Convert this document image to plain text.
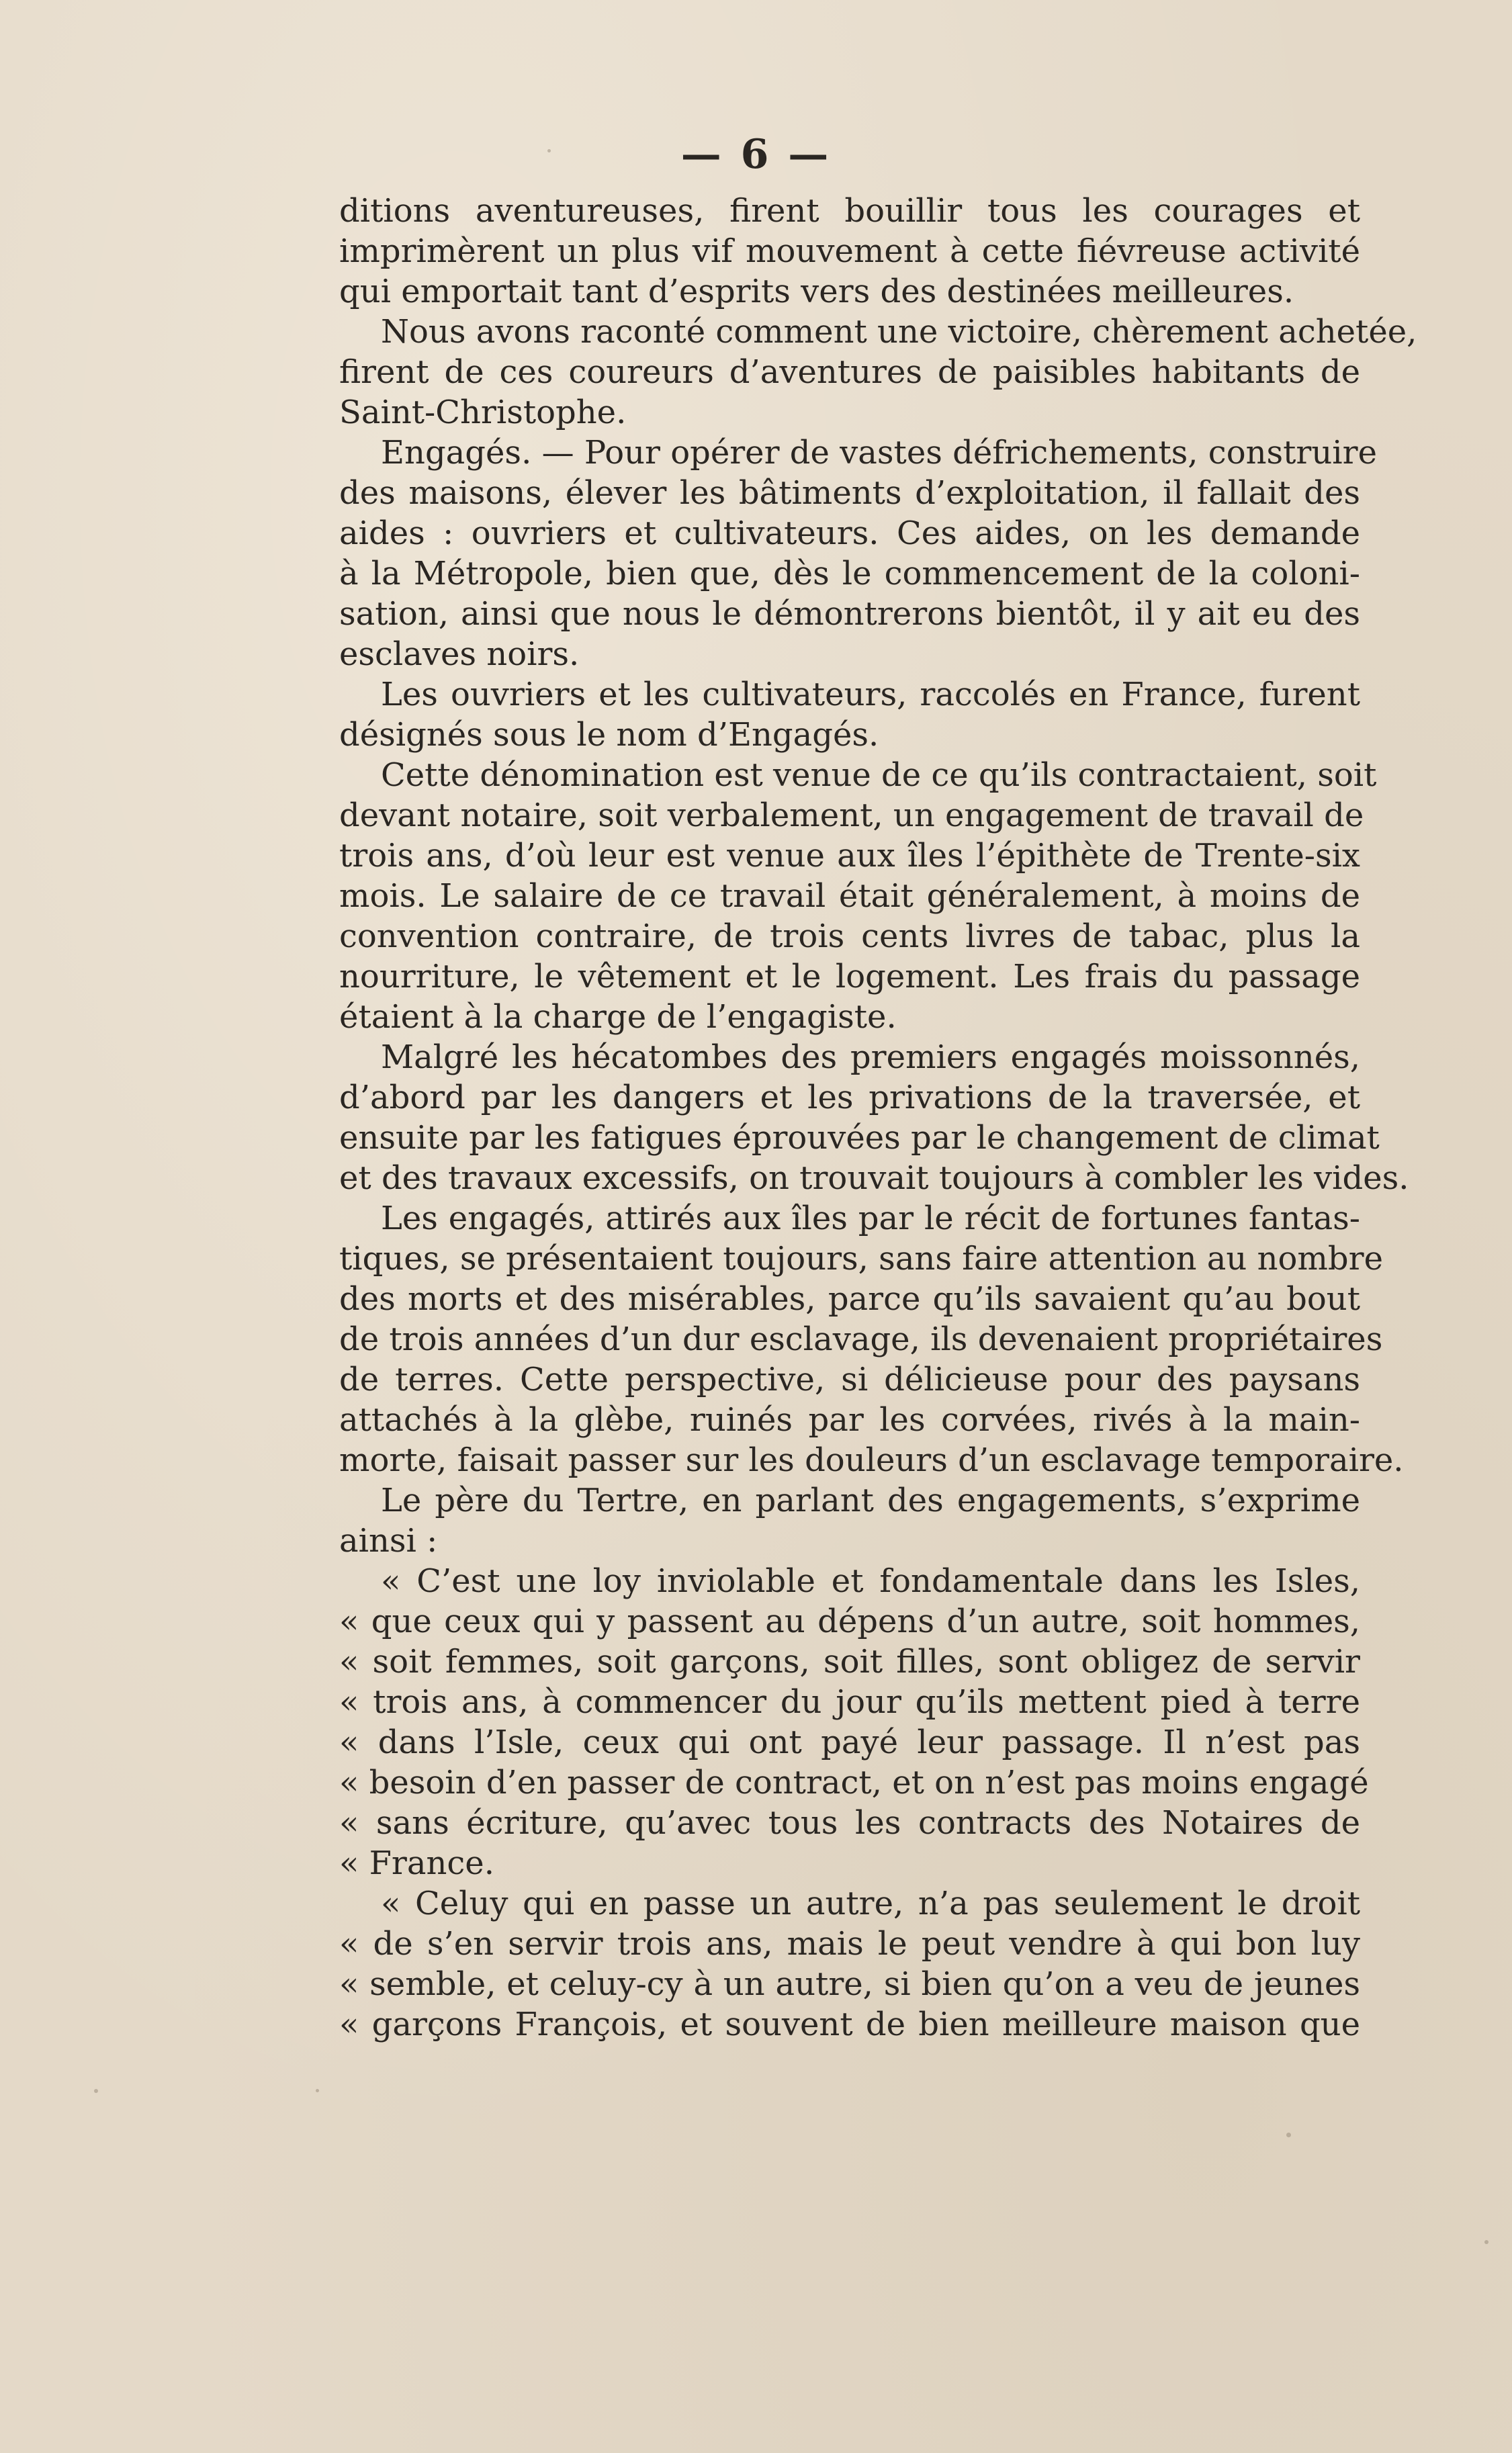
— 6 —
ditions aventureuses, firent bouillir tous les courages et
imprimèrent un plus vif mouvement à cette fiévreuse activité
qui emportait tant d’esprits vers des destinées meilleures.
Nous avons raconté comment une victoire, chèrement achetée,
firent de ces coureurs d’aventures de paisibles habitants de
Saint-Christophe.
Engagés. — Pour opérer de vastes défrichements, construire
des maisons, élever les bâtiments d’exploitation, il fallait des
aides : ouvriers et cultivateurs. Ces aides, on les demande
à la Métropole, bien que, dès le commencement de la coloni-
sation, ainsi que nous le démontrerons bientôt, il y ait eu des
esclaves noirs.
Les ouvriers et les cultivateurs, raccolés en France, furent
désignés sous le nom d’Engagés.
Cette dénomination est venue de ce qu’ils contractaient, soit
devant notaire, soit verbalement, un engagement de travail de
trois ans, d’où leur est venue aux îles l’épithète de Trente-six
mois. Le salaire de ce travail était généralement, à moins de
convention contraire, de trois cents livres de tabac, plus la
nourriture, le vêtement et le logement. Les frais du passage
étaient à la charge de l’engagiste.
Malgré les hécatombes des premiers engagés moissonnés,
d’abord par les dangers et les privations de la traversée, et
ensuite par les fatigues éprouvées par le changement de climat
et des travaux excessifs, on trouvait toujours à combler les vides.
Les engagés, attirés aux îles par le récit de fortunes fantas-
tiques, se présentaient toujours, sans faire attention au nombre
des morts et des misérables, parce qu’ils savaient qu’au bout
de trois années d’un dur esclavage, ils devenaient propriétaires
de terres. Cette perspective, si délicieuse pour des paysans
attachés à la glèbe, ruinés par les corvées, rivés à la main-
morte, faisait passer sur les douleurs d’un esclavage temporaire.
Le père du Tertre, en parlant des engagements, s’exprime
ainsi :
« C’est une loy inviolable et fondamentale dans les Isles,
« que ceux qui y passent au dépens d’un autre, soit hommes,
« soit femmes, soit garçons, soit filles, sont obligez de servir
« trois ans, à commencer du jour qu’ils mettent pied à terre
« dans l’Isle, ceux qui ont payé leur passage. Il n’est pas
« besoin d’en passer de contract, et on n’est pas moins engagé
« sans écriture, qu’avec tous les contracts des Notaires de
« France.
« Celuy qui en passe un autre, n’a pas seulement le droit
« de s’en servir trois ans, mais le peut vendre à qui bon luy
« semble, et celuy-cy à un autre, si bien qu’on a veu de jeunes
« garçons François, et souvent de bien meilleure maison que
